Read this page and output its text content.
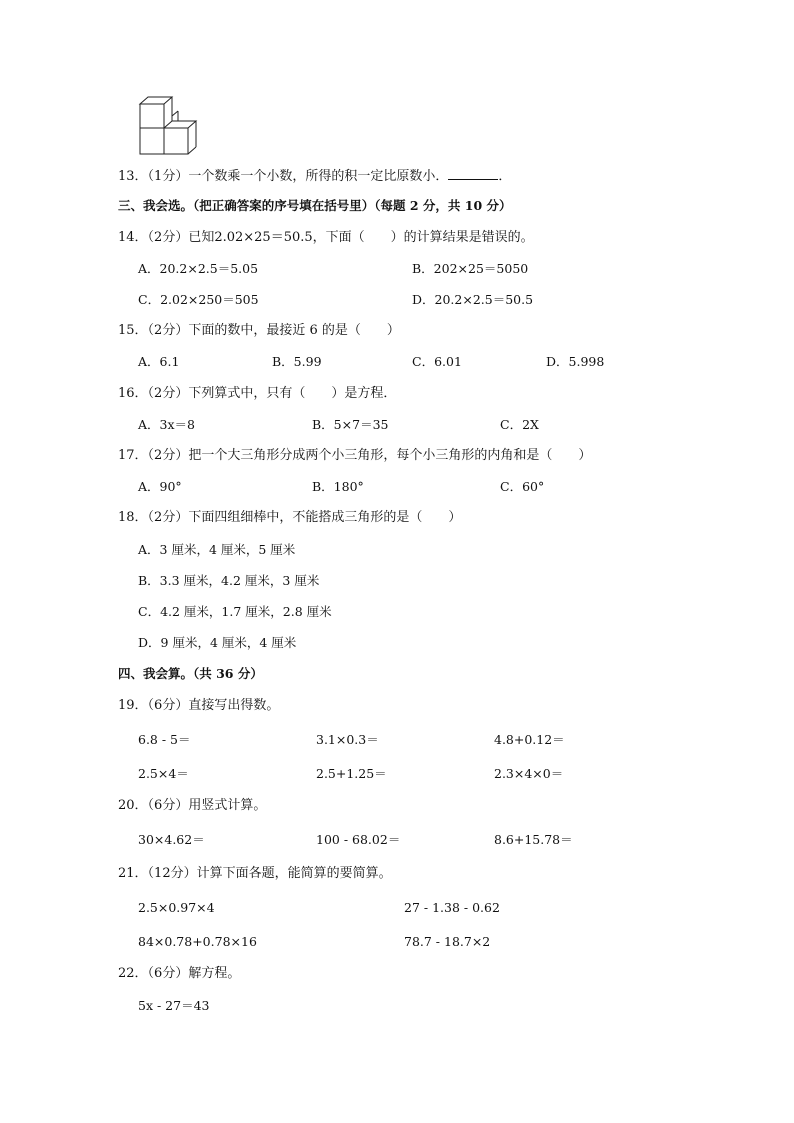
13．（1分）一个数乘一个小数，所得的积一定比原数小．	．
三、我会选。（把正确答案的序号填在括号里）（每题 2 分，共 10 分）
14．（2分）已知2.02×25＝50.5，下面（　　）的计算结果是错误的。
A．20.2×2.5＝5.05	B．202×25＝5050
C．2.02×250＝505	D．20.2×2.5＝50.5
15．（2分）下面的数中，最接近 6 的是（　　）
A．6.1	B．5.99	C．6.01	D．5.998
16．（2分）下列算式中，只有（　　）是方程．
A．3x＝8	B．5×7＝35	C．2X
17．（2分）把一个大三角形分成两个小三角形，每个小三角形的内角和是（　　）
A．90°	B．180°	C．60°
18．（2分）下面四组细棒中，不能搭成三角形的是（　　）
A．3 厘米，4 厘米，5 厘米
B．3.3 厘米，4.2 厘米，3 厘米
C．4.2 厘米，1.7 厘米，2.8 厘米
D．9 厘米，4 厘米，4 厘米
四、我会算。（共 36 分）
19．（6分）直接写出得数。
6.8 - 5＝	3.1×0.3＝	4.8+0.12＝
2.5×4＝	2.5+1.25＝	2.3×4×0＝
20．（6分）用竖式计算。
30×4.62＝	100 - 68.02＝	8.6+15.78＝
21．（12分）计算下面各题，能简算的要简算。
2.5×0.97×4	27 - 1.38 - 0.62
84×0.78+0.78×16	78.7 - 18.7×2
22．（6分）解方程。
5x - 27＝43
